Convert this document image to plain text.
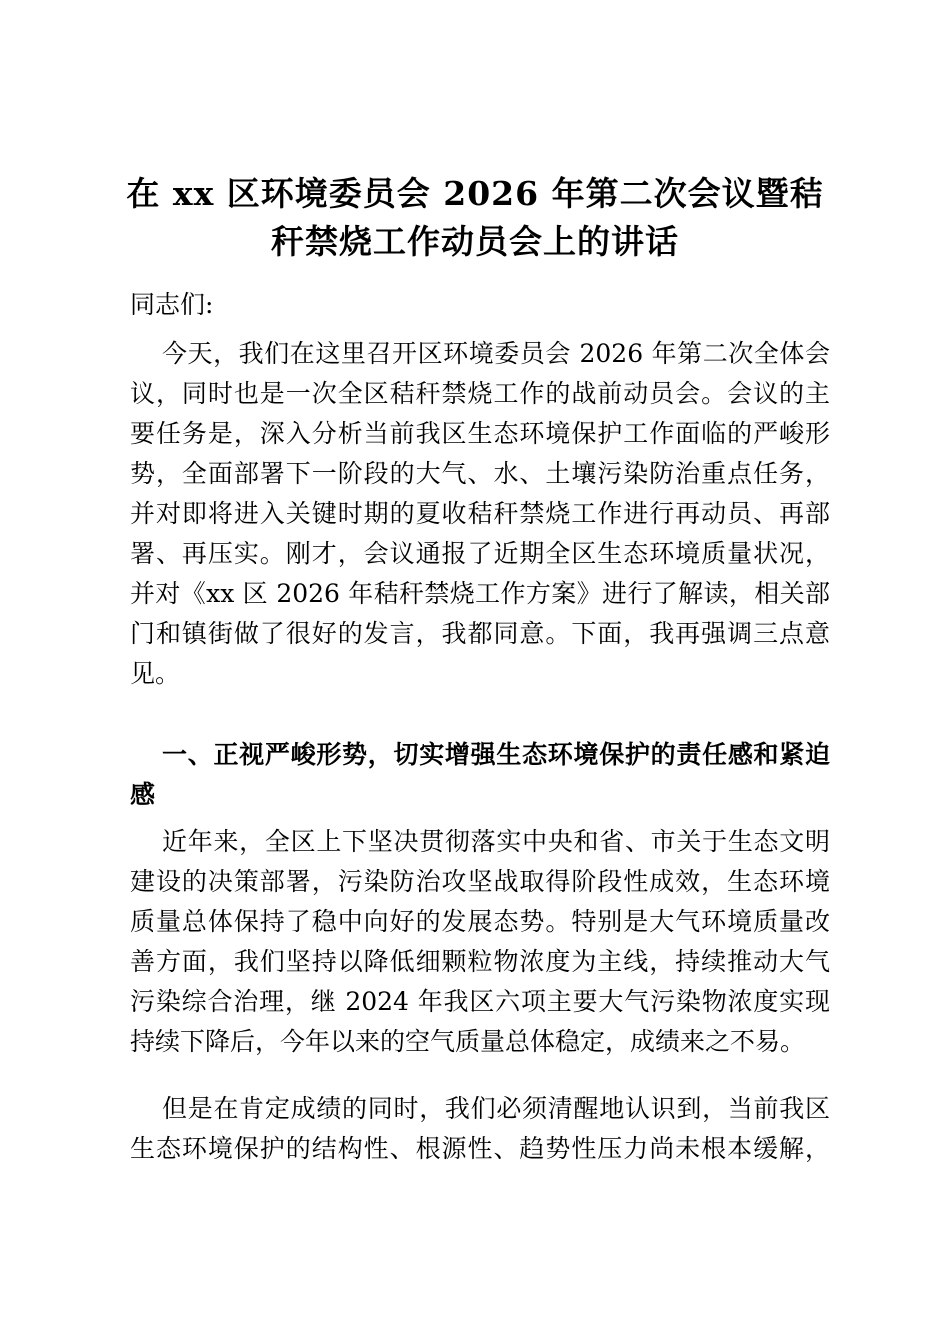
在 xx 区环境委员会 2026 年第二次会议暨秸
秆禁烧工作动员会上的讲话
同志们:
今天，我们在这里召开区环境委员会 2026 年第二次全体会
议，同时也是一次全区秸秆禁烧工作的战前动员会。会议的主
要任务是，深入分析当前我区生态环境保护工作面临的严峻形
势，全面部署下一阶段的大气、水、土壤污染防治重点任务，
并对即将进入关键时期的夏收秸秆禁烧工作进行再动员、再部
署、再压实。刚才，会议通报了近期全区生态环境质量状况，
并对《xx 区 2026 年秸秆禁烧工作方案》进行了解读，相关部
门和镇街做了很好的发言，我都同意。下面，我再强调三点意
见。
一、正视严峻形势，切实增强生态环境保护的责任感和紧迫
感
近年来，全区上下坚决贯彻落实中央和省、市关于生态文明
建设的决策部署，污染防治攻坚战取得阶段性成效，生态环境
质量总体保持了稳中向好的发展态势。特别是大气环境质量改
善方面，我们坚持以降低细颗粒物浓度为主线，持续推动大气
污染综合治理，继 2024 年我区六项主要大气污染物浓度实现
持续下降后，今年以来的空气质量总体稳定，成绩来之不易。
但是在肯定成绩的同时，我们必须清醒地认识到，当前我区
生态环境保护的结构性、根源性、趋势性压力尚未根本缓解，
